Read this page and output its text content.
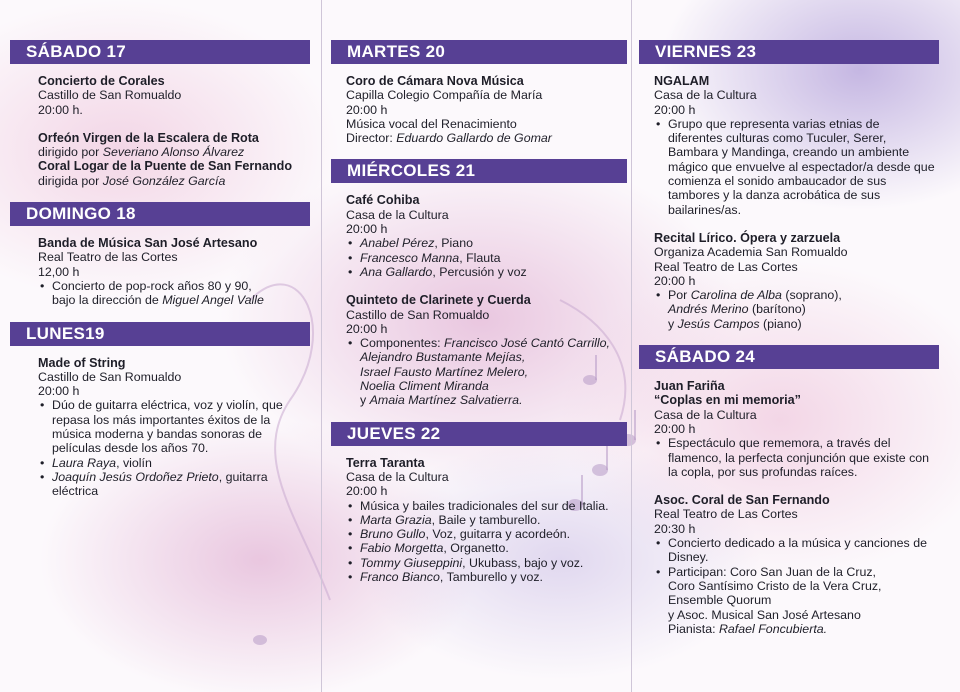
SÁBADO 17
Concierto de Corales
Castillo de San Romualdo
20:00 h.
Orfeón Virgen de la Escalera de Rota
dirigido por Severiano Alonso Álvarez
Coral Logar de la Puente de San Fernando
dirigida por José González García
DOMINGO 18
Banda de Música San José Artesano
Real Teatro de las Cortes
12,00 h
• Concierto de pop-rock años 80 y 90,
bajo la dirección de Miguel Angel Valle
LUNES19
Made of String
Castillo de San Romualdo
20:00 h
• Dúo de guitarra eléctrica, voz y violín, que repasa los más importantes éxitos de la música moderna y bandas sonoras de películas desde los años 70.
• Laura Raya, violín
• Joaquín Jesús Ordoñez Prieto, guitarra eléctrica
MARTES 20
Coro de Cámara Nova Música
Capilla Colegio Compañía de María
20:00 h
Música vocal del Renacimiento
Director: Eduardo Gallardo de Gomar
MIÉRCOLES 21
Café Cohiba
Casa de la Cultura
20:00 h
• Anabel Pérez, Piano
• Francesco Manna, Flauta
• Ana Gallardo, Percusión y voz
Quinteto de Clarinete y Cuerda
Castillo de San Romualdo
20:00 h
• Componentes: Francisco José Cantó Carrillo,
Alejandro Bustamante Mejías,
Israel Fausto Martínez Melero,
Noelia Climent Miranda
y Amaia Martínez Salvatierra.
JUEVES 22
Terra Taranta
Casa de la Cultura
20:00 h
• Música y bailes tradicionales del sur de Italia.
• Marta Grazia, Baile y tamburello.
• Bruno Gullo, Voz, guitarra y acordeón.
• Fabio Morgetta, Organetto.
• Tommy Giuseppini, Ukubass, bajo y voz.
• Franco Bianco, Tamburello y voz.
VIERNES 23
NGALAM
Casa de la Cultura
20:00 h
• Grupo que representa varias etnias de diferentes culturas como Tuculer, Serer, Bambara y Mandinga, creando un ambiente mágico que envuelve al espectador/a desde que comienza el sonido ambaucador de sus tambores y la danza acrobática de sus bailarines/as.
Recital Lírico. Ópera y zarzuela
Organiza Academia San Romualdo
Real Teatro de Las Cortes
20:00 h
• Por Carolina de Alba (soprano),
Andrés Merino (barítono)
y Jesús Campos (piano)
SÁBADO 24
Juan Fariña
“Coplas en mi memoria”
Casa de la Cultura
20:00 h
• Espectáculo que rememora, a través del flamenco, la perfecta conjunción que existe con la copla, por sus profundas raíces.
Asoc. Coral de San Fernando
Real Teatro de Las Cortes
20:30 h
• Concierto dedicado a la música y canciones de Disney.
• Participan: Coro San Juan de la Cruz,
Coro Santísimo Cristo de la Vera Cruz,
Ensemble Quorum
y Asoc. Musical San José Artesano
Pianista: Rafael Foncubierta.
